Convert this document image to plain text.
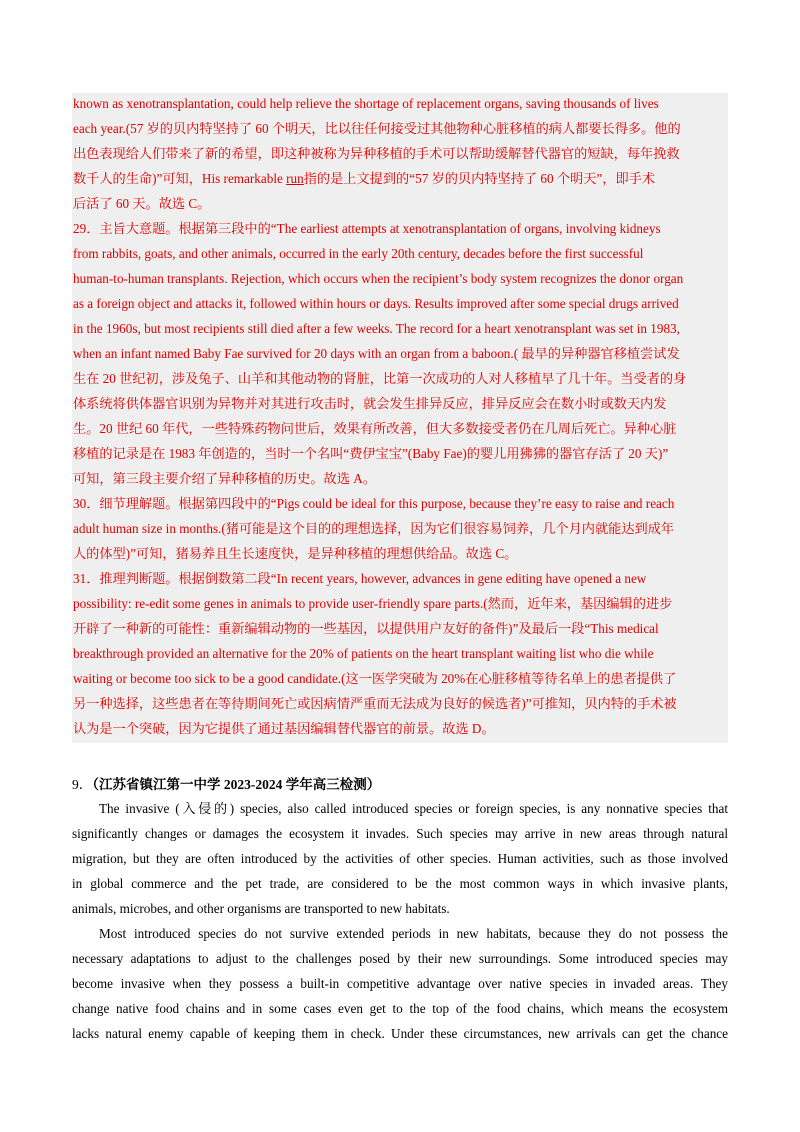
known as xenotransplantation, could help relieve the shortage of replacement organs, saving thousands of lives
each year.(57 岁的贝内特坚持了 60 个明天，比以往任何接受过其他物种心脏移植的病人都要长得多。他的
出色表现给人们带来了新的希望，即这种被称为异种移植的手术可以帮助缓解替代器官的短缺，每年挽救
数千人的生命)”可知，His remarkable run指的是上文提到的“57 岁的贝内特坚持了 60 个明天”，即手术
后活了 60 天。故选 C。
29．主旨大意题。根据第三段中的“The earliest attempts at xenotransplantation of organs, involving kidneys
from rabbits, goats, and other animals, occurred in the early 20th century, decades before the first successful
human-to-human transplants. Rejection, which occurs when the recipient’s body system recognizes the donor organ
as a foreign object and attacks it, followed within hours or days. Results improved after some special drugs arrived
in the 1960s, but most recipients still died after a few weeks. The record for a heart xenotransplant was set in 1983,
when an infant named Baby Fae survived for 20 days with an organ from a baboon.( 最早的异种器官移植尝试发
生在 20 世纪初，涉及兔子、山羊和其他动物的肾脏，比第一次成功的人对人移植早了几十年。当受者的身
体系统将供体器官识别为异物并对其进行攻击时，就会发生排异反应，排异反应会在数小时或数天内发
生。20 世纪 60 年代，一些特殊药物问世后，效果有所改善，但大多数接受者仍在几周后死亡。异种心脏
移植的记录是在 1983 年创造的，当时一个名叫“费伊宝宝”(Baby Fae)的婴儿用狒狒的器官存活了 20 天)”
可知，第三段主要介绍了异种移植的历史。故选 A。
30．细节理解题。根据第四段中的“Pigs could be ideal for this purpose, because they’re easy to raise and reach
adult human size in months.(猪可能是这个目的的理想选择，因为它们很容易饲养，几个月内就能达到成年
人的体型)”可知，猪易养且生长速度快，是异种移植的理想供给品。故选 C。
31．推理判断题。根据倒数第二段“In recent years, however, advances in gene editing have opened a new
possibility: re-edit some genes in animals to provide user-friendly spare parts.(然而，近年来，基因编辑的进步
开辟了一种新的可能性：重新编辑动物的一些基因，以提供用户友好的备件)”及最后一段“This medical
breakthrough provided an alternative for the 20% of patients on the heart transplant waiting list who die while
waiting or become too sick to be a good candidate.(这一医学突破为 20%在心脏移植等待名单上的患者提供了
另一种选择，这些患者在等待期间死亡或因病情严重而无法成为良好的候选者)”可推知，贝内特的手术被
认为是一个突破，因为它提供了通过基因编辑替代器官的前景。故选 D。
9．（江苏省镇江第一中学 2023-2024 学年高三检测）
The invasive (入侵的) species, also called introduced species or foreign species, is any nonnative species that
significantly changes or damages the ecosystem it invades. Such species may arrive in new areas through natural
migration, but they are often introduced by the activities of other species. Human activities, such as those involved
in global commerce and the pet trade, are considered to be the most common ways in which invasive plants,
animals, microbes, and other organisms are transported to new habitats.
Most introduced species do not survive extended periods in new habitats, because they do not possess the
necessary adaptations to adjust to the challenges posed by their new surroundings. Some introduced species may
become invasive when they possess a built-in competitive advantage over native species in invaded areas. They
change native food chains and in some cases even get to the top of the food chains, which means the ecosystem
lacks natural enemy capable of keeping them in check. Under these circumstances, new arrivals can get the chance
